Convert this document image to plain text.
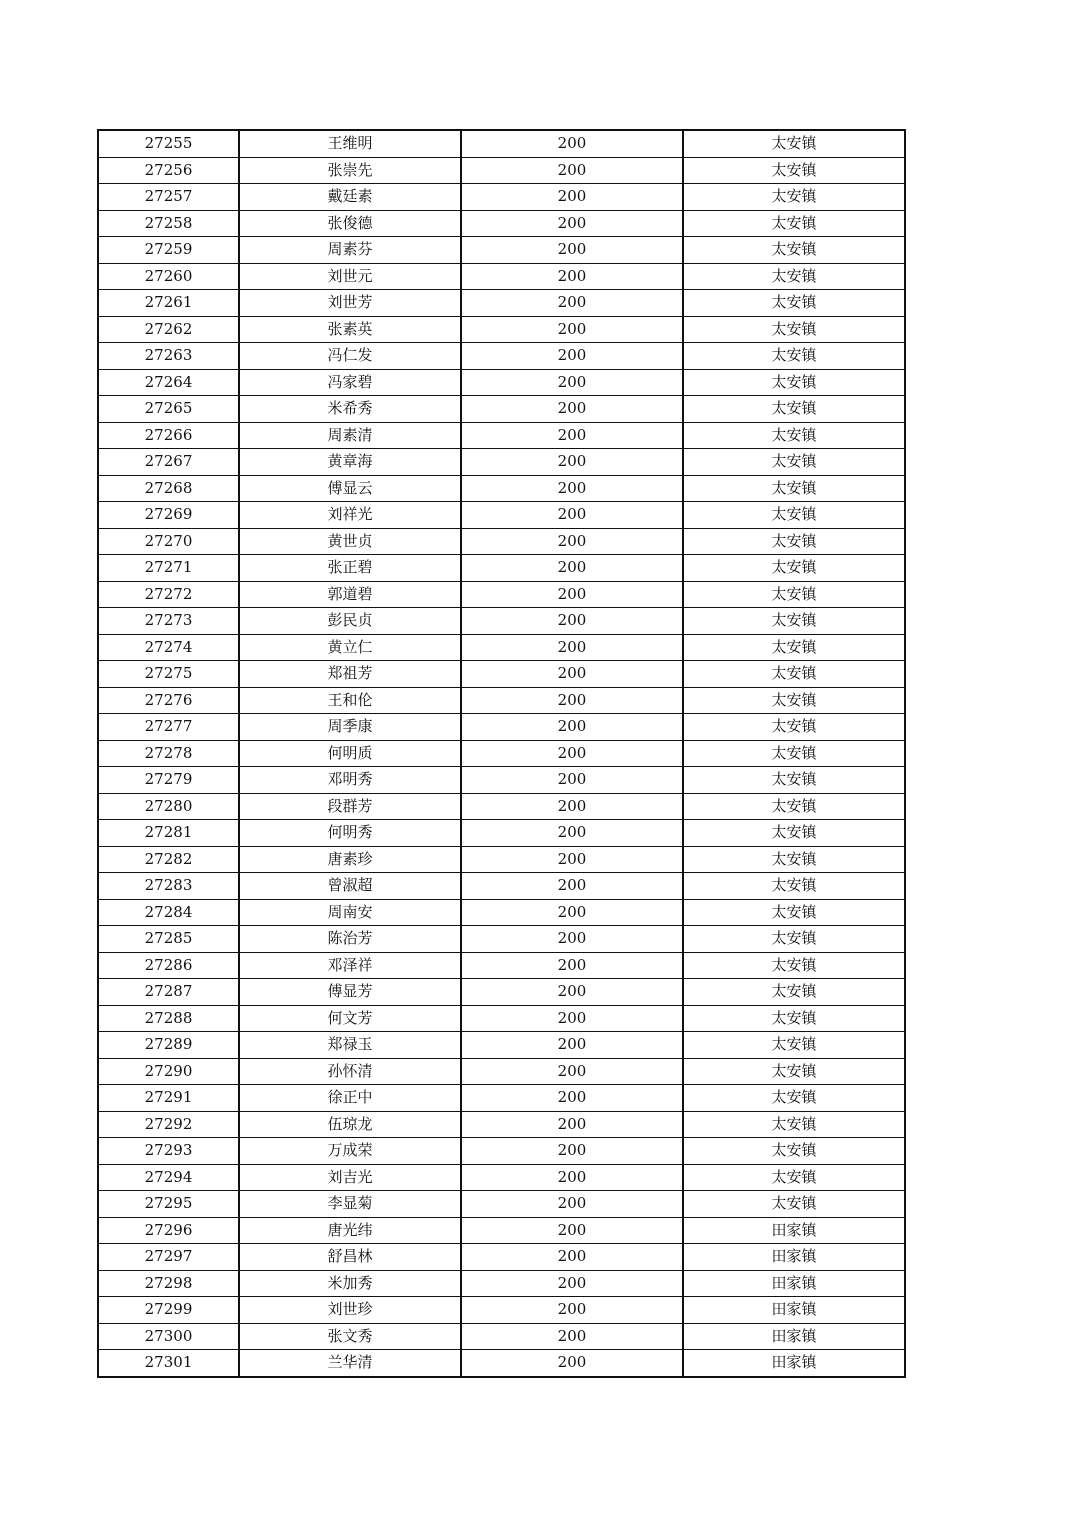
27255	王维明	200	太安镇
27256	张崇先	200	太安镇
27257	戴廷素	200	太安镇
27258	张俊德	200	太安镇
27259	周素芬	200	太安镇
27260	刘世元	200	太安镇
27261	刘世芳	200	太安镇
27262	张素英	200	太安镇
27263	冯仁发	200	太安镇
27264	冯家碧	200	太安镇
27265	米希秀	200	太安镇
27266	周素清	200	太安镇
27267	黄章海	200	太安镇
27268	傅显云	200	太安镇
27269	刘祥光	200	太安镇
27270	黄世贞	200	太安镇
27271	张正碧	200	太安镇
27272	郭道碧	200	太安镇
27273	彭民贞	200	太安镇
27274	黄立仁	200	太安镇
27275	郑祖芳	200	太安镇
27276	王和伦	200	太安镇
27277	周季康	200	太安镇
27278	何明质	200	太安镇
27279	邓明秀	200	太安镇
27280	段群芳	200	太安镇
27281	何明秀	200	太安镇
27282	唐素珍	200	太安镇
27283	曾淑超	200	太安镇
27284	周南安	200	太安镇
27285	陈治芳	200	太安镇
27286	邓泽祥	200	太安镇
27287	傅显芳	200	太安镇
27288	何文芳	200	太安镇
27289	郑禄玉	200	太安镇
27290	孙怀清	200	太安镇
27291	徐正中	200	太安镇
27292	伍琼龙	200	太安镇
27293	万成荣	200	太安镇
27294	刘吉光	200	太安镇
27295	李显菊	200	太安镇
27296	唐光纬	200	田家镇
27297	舒昌林	200	田家镇
27298	米加秀	200	田家镇
27299	刘世珍	200	田家镇
27300	张文秀	200	田家镇
27301	兰华清	200	田家镇
